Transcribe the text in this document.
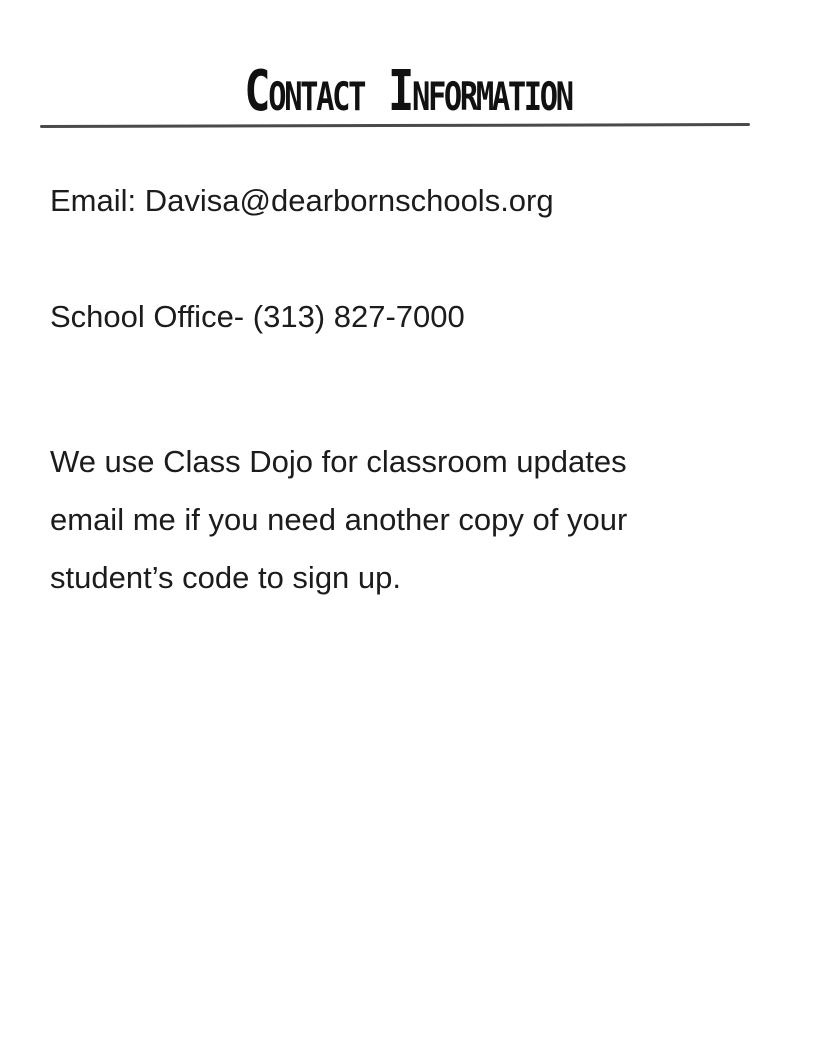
Contact Information
Email: Davisa@dearbornschools.org
School Office- (313) 827-7000
We use Class Dojo for classroom updates
email me if you need another copy of your
student’s code to sign up.
